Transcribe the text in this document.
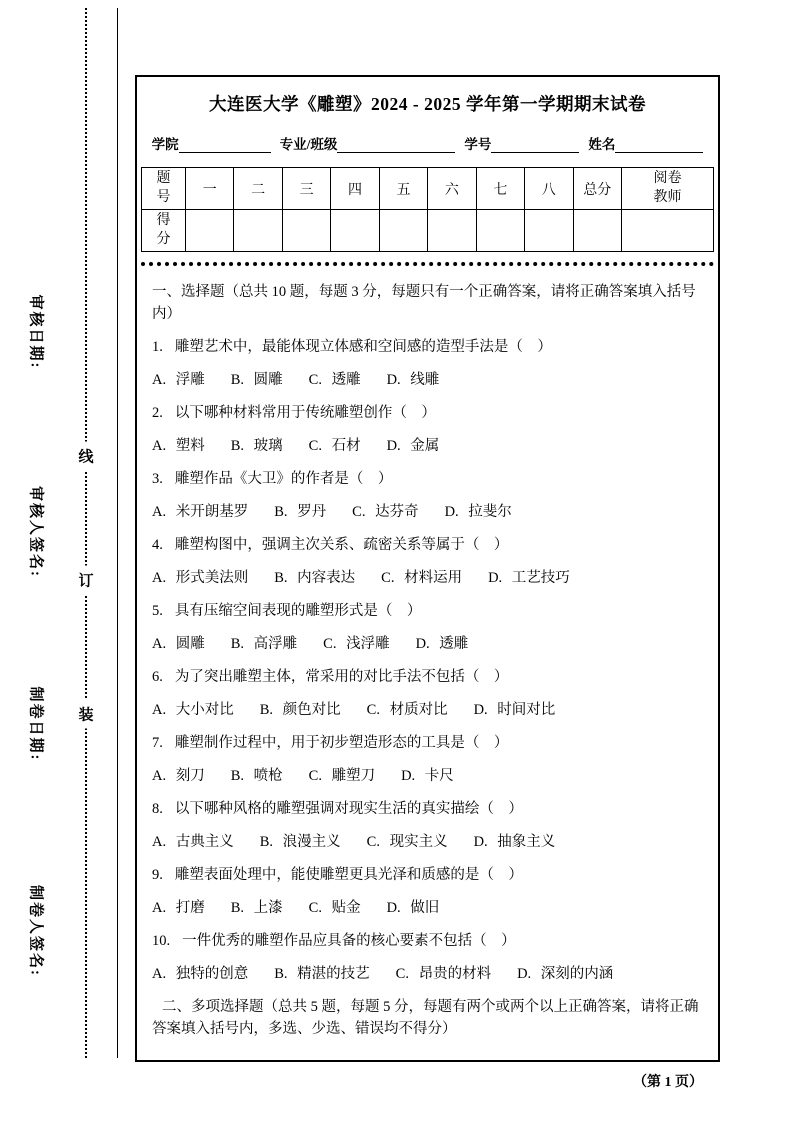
审核日期:
审核人签名:
制卷日期:
制卷人签名:
线
订
装
大连医大学《雕塑》2024 - 2025 学年第一学期期末试卷
学院	专业/班级	学号	姓名
题号	一	二	三	四	五	六	七	八	总分	阅卷教师
得分										

一、选择题（总共 10 题，每题 3 分，每题只有一个正确答案，请将正确答案填入括号内）

1. 雕塑艺术中，最能体现立体感和空间感的造型手法是（　）

A. 浮雕 B. 圆雕 C. 透雕 D. 线雕

2. 以下哪种材料常用于传统雕塑创作（　）

A. 塑料 B. 玻璃 C. 石材 D. 金属

3. 雕塑作品《大卫》的作者是（　）

A. 米开朗基罗 B. 罗丹 C. 达芬奇 D. 拉斐尔

4. 雕塑构图中，强调主次关系、疏密关系等属于（　）

A. 形式美法则 B. 内容表达 C. 材料运用 D. 工艺技巧

5. 具有压缩空间表现的雕塑形式是（　）

A. 圆雕 B. 高浮雕 C. 浅浮雕 D. 透雕

6. 为了突出雕塑主体，常采用的对比手法不包括（　）

A. 大小对比 B. 颜色对比 C. 材质对比 D. 时间对比

7. 雕塑制作过程中，用于初步塑造形态的工具是（　）

A. 刻刀 B. 喷枪 C. 雕塑刀 D. 卡尺

8. 以下哪种风格的雕塑强调对现实生活的真实描绘（　）

A. 古典主义 B. 浪漫主义 C. 现实主义 D. 抽象主义

9. 雕塑表面处理中，能使雕塑更具光泽和质感的是（　）

A. 打磨 B. 上漆 C. 贴金 D. 做旧

10. 一件优秀的雕塑作品应具备的核心要素不包括（　）

A. 独特的创意 B. 精湛的技艺 C. 昂贵的材料 D. 深刻的内涵

二、多项选择题（总共 5 题，每题 5 分，每题有两个或两个以上正确答案，请将正确答案填入括号内，多选、少选、错误均不得分）

（第 1 页）
